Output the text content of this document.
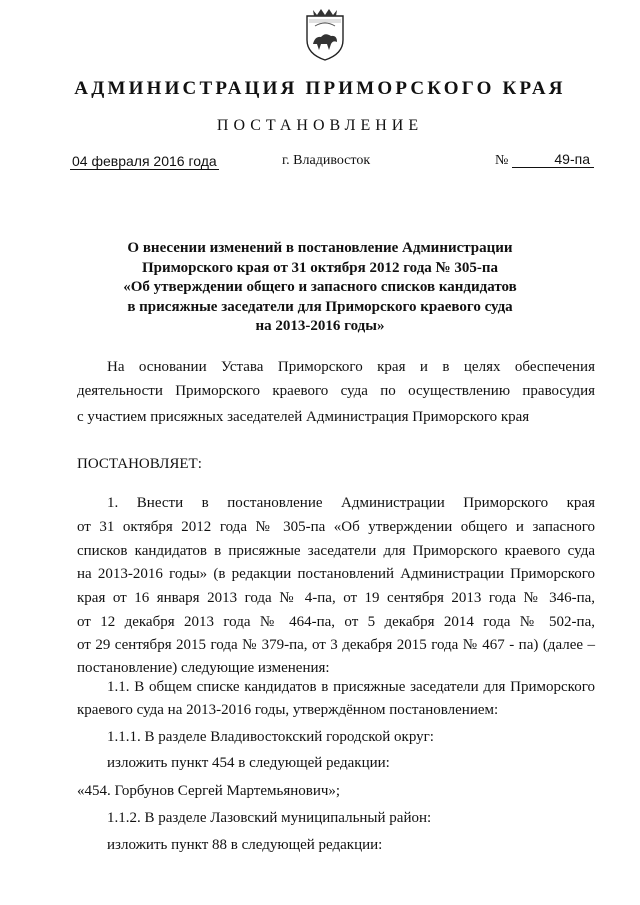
АДМИНИСТРАЦИЯ ПРИМОРСКОГО КРАЯ
ПОСТАНОВЛЕНИЕ
04 февраля 2016 года	г. Владивосток	№	49-па
О внесении изменений в постановление Администрации
Приморского края от 31 октября 2012 года № 305-па
«Об утверждении общего и запасного списков кандидатов
в присяжные заседатели для Приморского краевого суда
на 2013-2016 годы»
На основании Устава Приморского края и в целях обеспечения
деятельности Приморского краевого суда по осуществлению правосудия
с участием присяжных заседателей Администрация Приморского края
ПОСТАНОВЛЯЕТ:
1. Внести в постановление Администрации Приморского края
от 31 октября 2012 года № 305-па «Об утверждении общего и запасного
списков кандидатов в присяжные заседатели для Приморского краевого суда
на 2013-2016 годы» (в редакции постановлений Администрации Приморского
края от 16 января 2013 года № 4-па, от 19 сентября 2013 года № 346-па,
от 12 декабря 2013 года № 464-па, от 5 декабря 2014 года № 502-па,
от 29 сентября 2015 года № 379-па, от 3 декабря 2015 года № 467 - па) (далее –
постановление) следующие изменения:
1.1. В общем списке кандидатов в присяжные заседатели для Приморского
краевого суда на 2013-2016 годы, утверждённом постановлением:
1.1.1. В разделе Владивостокский городской округ:
изложить пункт 454 в следующей редакции:
«454. Горбунов Сергей Мартемьянович»;
1.1.2. В разделе Лазовский муниципальный район:
изложить пункт 88 в следующей редакции:
